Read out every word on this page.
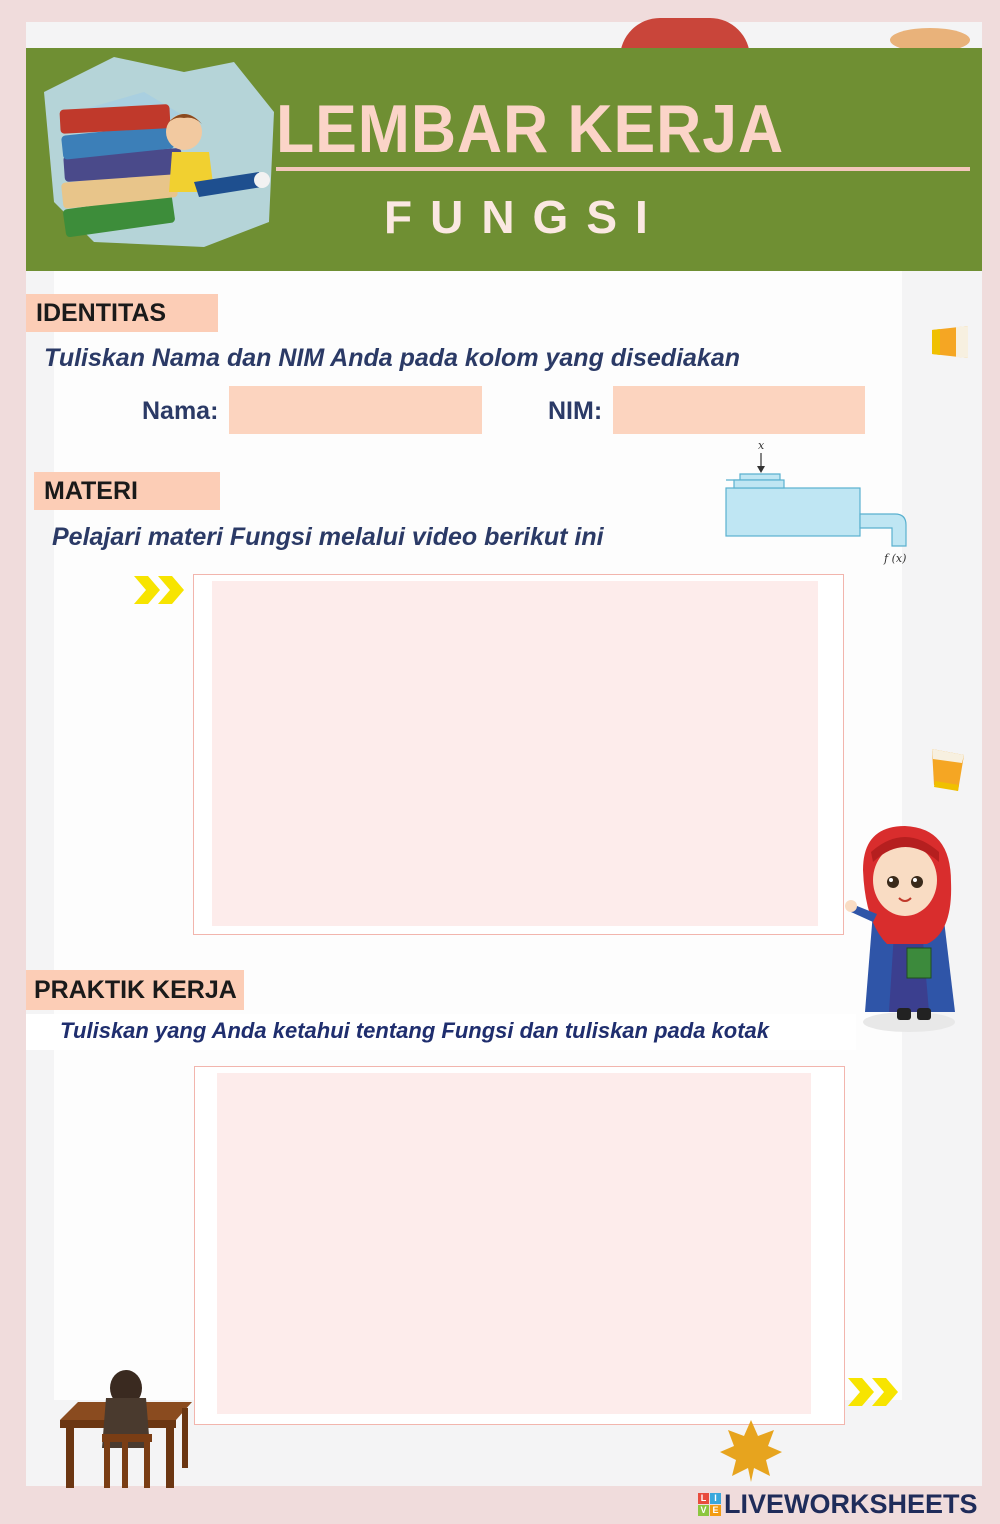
LEMBAR KERJA
FUNGSI
IDENTITAS
Tuliskan Nama dan NIM Anda pada kolom yang disediakan
Nama:	NIM:
MATERI
Pelajari materi Fungsi melalui video berikut ini
x
f (x)
PRAKTIK KERJA
Tuliskan yang Anda ketahui tentang Fungsi dan tuliskan pada kotak
L I
V E LIVEWORKSHEETS
